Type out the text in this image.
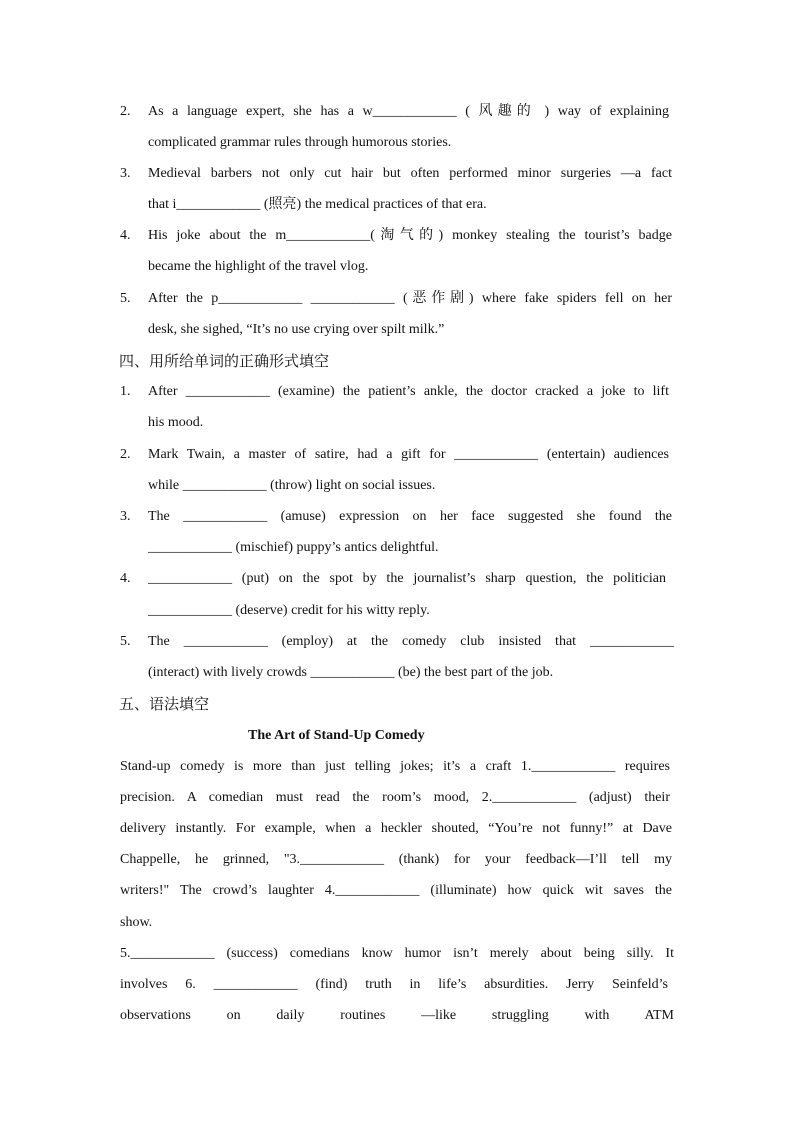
2. As a language expert, she has a w____________ ( 风趣的 ) way of explaining
complicated grammar rules through humorous stories.
3. Medieval barbers not only cut hair but often performed minor surgeries —a fact
that i____________ (照亮) the medical practices of that era.
4. His joke about the m____________(淘气的) monkey stealing the tourist’s badge
became the highlight of the travel vlog.
5. After the p____________ ____________ (恶作剧) where fake spiders fell on her
desk, she sighed, “It’s no use crying over spilt milk.”
四、用所给单词的正确形式填空
1. After ____________ (examine) the patient’s ankle, the doctor cracked a joke to lift
his mood.
2. Mark Twain, a master of satire, had a gift for ____________ (entertain) audiences
while ____________ (throw) light on social issues.
3. The ____________ (amuse) expression on her face suggested she found the
____________ (mischief) puppy’s antics delightful.
4. ____________ (put) on the spot by the journalist’s sharp question, the politician
____________ (deserve) credit for his witty reply.
5. The ____________ (employ) at the comedy club insisted that ____________
(interact) with lively crowds ____________ (be) the best part of the job.
五、语法填空
The Art of Stand-Up Comedy
Stand-up comedy is more than just telling jokes; it’s a craft 1.____________ requires
precision. A comedian must read the room’s mood, 2.____________ (adjust) their
delivery instantly. For example, when a heckler shouted, “You’re not funny!” at Dave
Chappelle, he grinned, "3.____________ (thank) for your feedback—I’ll tell my
writers!" The crowd’s laughter 4.____________ (illuminate) how quick wit saves the
show.
5.____________ (success) comedians know humor isn’t merely about being silly. It
involves 6. ____________ (find) truth in life’s absurdities. Jerry Seinfeld’s
observations on daily routines —like struggling with ATM
